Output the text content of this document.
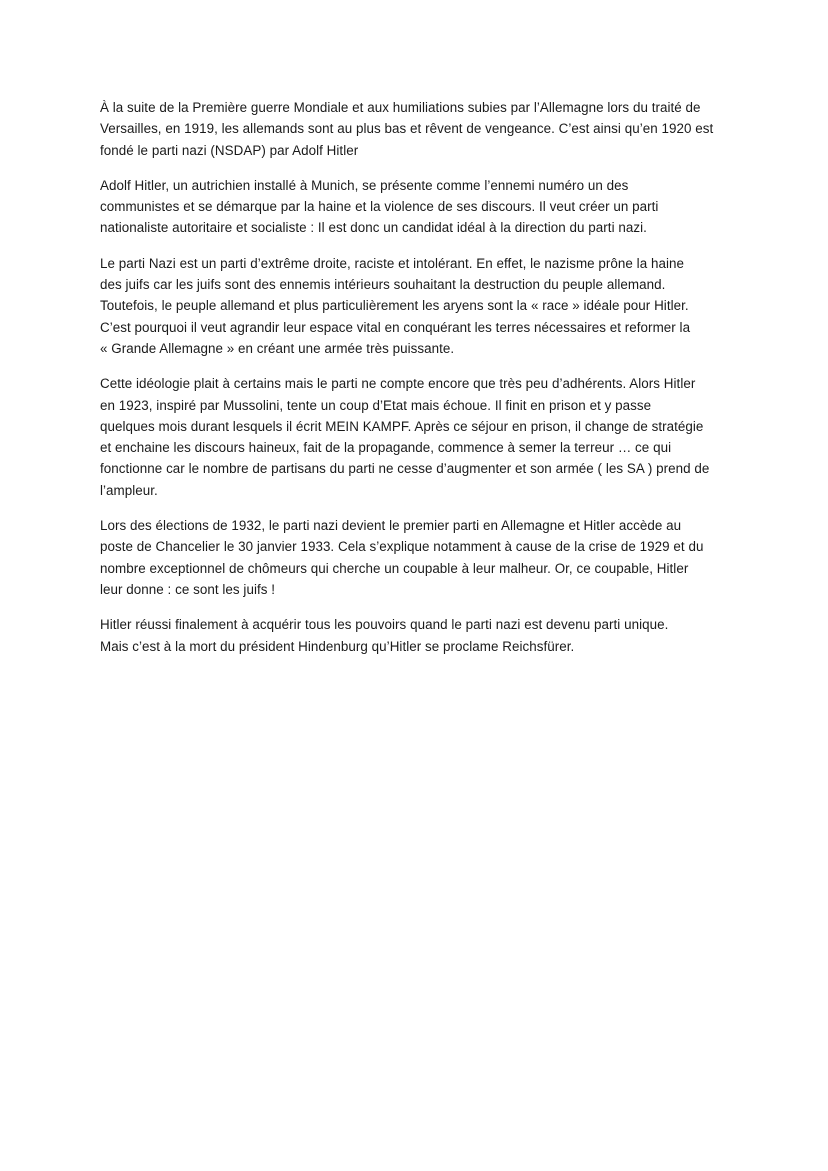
À la suite de la Première guerre Mondiale et aux humiliations subies par l’Allemagne lors du traité de
Versailles, en 1919, les allemands sont au plus bas et rêvent de vengeance. C’est ainsi qu’en 1920 est
fondé le parti nazi (NSDAP) par Adolf Hitler

Adolf Hitler, un autrichien installé à Munich, se présente comme l’ennemi numéro un des
communistes et se démarque par la haine et la violence de ses discours. Il veut créer un parti
nationaliste autoritaire et socialiste : Il est donc un candidat idéal à la direction du parti nazi.

Le parti Nazi est un parti d’extrême droite, raciste et intolérant. En effet, le nazisme prône la haine
des juifs car les juifs sont des ennemis intérieurs souhaitant la destruction du peuple allemand.
Toutefois, le peuple allemand et plus particulièrement les aryens sont la « race » idéale pour Hitler.
C’est pourquoi il veut agrandir leur espace vital en conquérant les terres nécessaires et reformer la
« Grande Allemagne » en créant une armée très puissante.

Cette idéologie plait à certains mais le parti ne compte encore que très peu d’adhérents. Alors Hitler
en 1923, inspiré par Mussolini, tente un coup d’Etat mais échoue. Il finit en prison et y passe
quelques mois durant lesquels il écrit MEIN KAMPF. Après ce séjour en prison, il change de stratégie
et enchaine les discours haineux, fait de la propagande, commence à semer la terreur … ce qui
fonctionne car le nombre de partisans du parti ne cesse d’augmenter et son armée ( les SA ) prend de
l’ampleur.

Lors des élections de 1932, le parti nazi devient le premier parti en Allemagne et Hitler accède au
poste de Chancelier le 30 janvier 1933. Cela s’explique notamment à cause de la crise de 1929 et du
nombre exceptionnel de chômeurs qui cherche un coupable à leur malheur. Or, ce coupable, Hitler
leur donne : ce sont les juifs !

Hitler réussi finalement à acquérir tous les pouvoirs quand le parti nazi est devenu parti unique.
Mais c’est à la mort du président Hindenburg qu’Hitler se proclame Reichsfürer.
